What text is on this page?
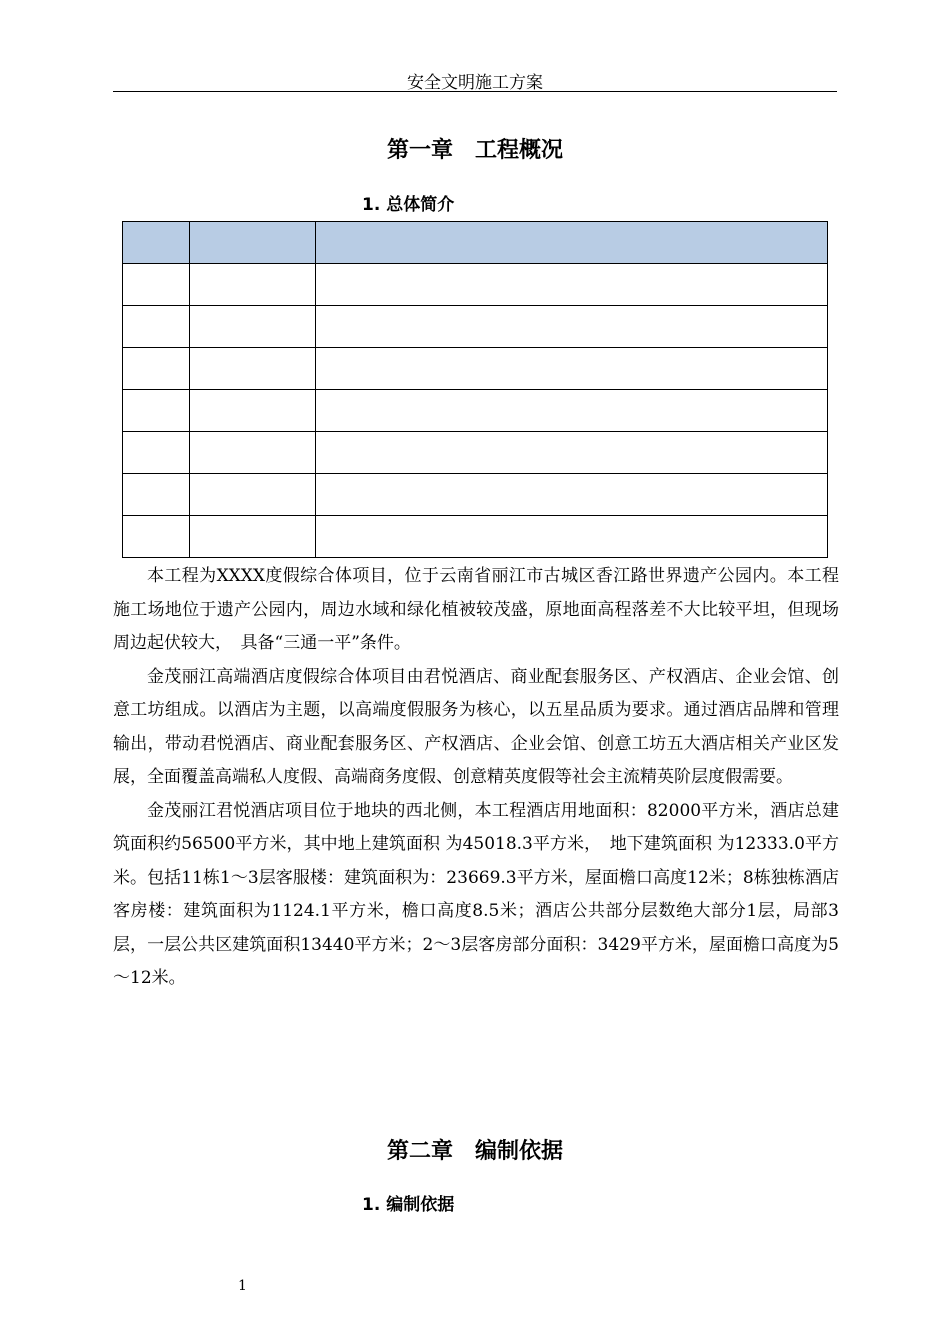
安全文明施工方案
第一章　工程概况
1. 总体简介

本工程为XXXX度假综合体项目，位于云南省丽江市古城区香江路世界遗产公园内。本工程施工场地位于遗产公园内，周边水域和绿化植被较茂盛，原地面高程落差不大比较平坦，但现场周边起伏较大，　具备“三通一平”条件。

金茂丽江高端酒店度假综合体项目由君悦酒店、商业配套服务区、产权酒店、企业会馆、创意工坊组成。以酒店为主题，以高端度假服务为核心，以五星品质为要求。通过酒店品牌和管理输出，带动君悦酒店、商业配套服务区、产权酒店、企业会馆、创意工坊五大酒店相关产业区发展，全面覆盖高端私人度假、高端商务度假、创意精英度假等社会主流精英阶层度假需要。

金茂丽江君悦酒店项目位于地块的西北侧，本工程酒店用地面积：82000平方米，酒店总建筑面积约56500平方米，其中地上建筑面积 为45018.3平方米，　地下建筑面积 为12333.0平方米。包括11栋1～3层客服楼：建筑面积为：23669.3平方米，屋面檐口高度12米；8栋独栋酒店客房楼：建筑面积为1124.1平方米，檐口高度8.5米；酒店公共部分层数绝大部分1层，局部3层，一层公共区建筑面积13440平方米；2～3层客房部分面积：3429平方米，屋面檐口高度为5～12米。

第二章　编制依据
1. 编制依据
1
